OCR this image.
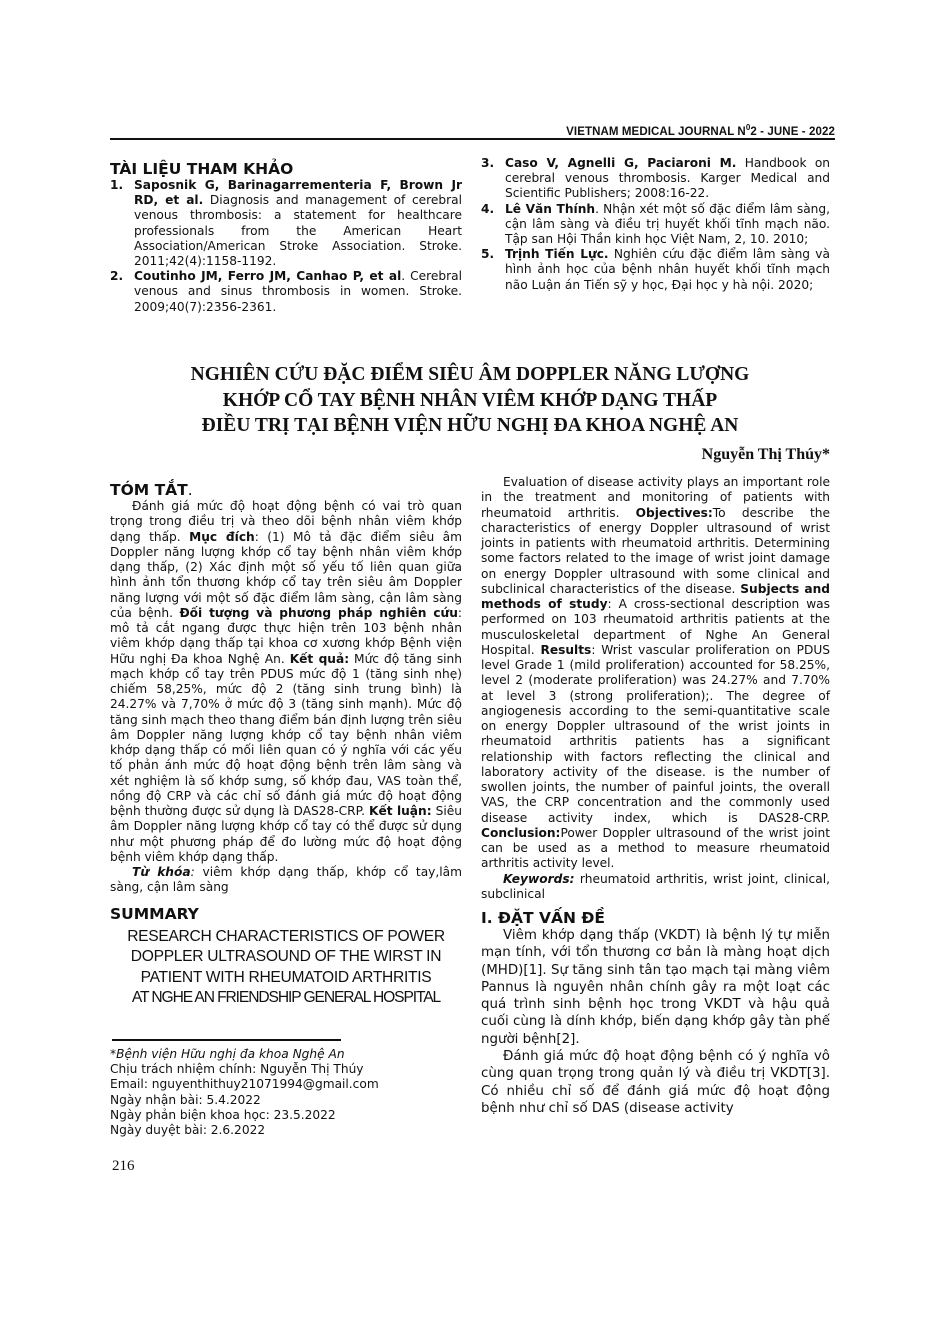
VIETNAM MEDICAL JOURNAL $N^02$ - JUNE - 2022
TÀI LIỆU THAM KHẢO
1. Saposnik G, Barinagarrementeria F, Brown Jr RD, et al. Diagnosis and management of cerebral venous thrombosis: a statement for healthcare professionals from the American Heart Association/American Stroke Association. Stroke. 2011;42(4):1158-1192.
2. Coutinho JM, Ferro JM, Canhao P, et al. Cerebral venous and sinus thrombosis in women. Stroke. 2009;40(7):2356-2361.
3. Caso V, Agnelli G, Paciaroni M. Handbook on cerebral venous thrombosis. Karger Medical and Scientific Publishers; 2008:16-22.
4. Lê Văn Thính. Nhận xét một số đặc điểm lâm sàng, cận lâm sàng và điều trị huyết khối tĩnh mạch não. Tập san Hội Thần kinh học Việt Nam, 2, 10. 2010;
5. Trịnh Tiến Lực. Nghiên cứu đặc điểm lâm sàng và hình ảnh học của bệnh nhân huyết khối tĩnh mạch não Luận án Tiến sỹ y học, Đại học y hà nội. 2020;
NGHIÊN CỨU ĐẶC ĐIỂM SIÊU ÂM DOPPLER NĂNG LƯỢNG
KHỚP CỔ TAY BỆNH NHÂN VIÊM KHỚP DẠNG THẤP
ĐIỀU TRỊ TẠI BỆNH VIỆN HỮU NGHỊ ĐA KHOA NGHỆ AN
Nguyễn Thị Thúy*
TÓM TẮT.

Đánh giá mức độ hoạt động bệnh có vai trò quan trọng trong điều trị và theo dõi bệnh nhân viêm khớp dạng thấp. Mục đích: (1) Mô tả đặc điểm siêu âm Doppler năng lượng khớp cổ tay bệnh nhân viêm khớp dạng thấp, (2) Xác định một số yếu tố liên quan giữa hình ảnh tổn thương khớp cổ tay trên siêu âm Doppler năng lượng với một số đặc điểm lâm sàng, cận lâm sàng của bệnh. Đối tượng và phương pháp nghiên cứu: mô tả cắt ngang được thực hiện trên 103 bệnh nhân viêm khớp dạng thấp tại khoa cơ xương khớp Bệnh viện Hữu nghị Đa khoa Nghệ An. Kết quả: Mức độ tăng sinh mạch khớp cổ tay trên PDUS mức độ 1 (tăng sinh nhẹ) chiếm 58,25%, mức độ 2 (tăng sinh trung bình) là 24.27% và 7,70% ở mức độ 3 (tăng sinh mạnh). Mức độ tăng sinh mạch theo thang điểm bán định lượng trên siêu âm Doppler năng lượng khớp cổ tay bệnh nhân viêm khớp dạng thấp có mối liên quan có ý nghĩa với các yếu tố phản ánh mức độ hoạt động bệnh trên lâm sàng và xét nghiệm là số khớp sưng, số khớp đau, VAS toàn thể, nồng độ CRP và các chỉ số đánh giá mức độ hoạt động bệnh thường được sử dụng là DAS28-CRP. Kết luận: Siêu âm Doppler năng lượng khớp cổ tay có thể được sử dụng như một phương pháp để đo lường mức độ hoạt động bệnh viêm khớp dạng thấp.

Từ khóa: viêm khớp dạng thấp, khớp cổ tay,lâm sàng, cận lâm sàng

SUMMARY
RESEARCH CHARACTERISTICS OF POWER
DOPPLER ULTRASOUND OF THE WIRST IN
PATIENT WITH RHEUMATOID ARTHRITIS
AT NGHE AN FRIENDSHIP GENERAL HOSPITAL
*Bệnh viện Hữu nghị đa khoa Nghệ An
Chịu trách nhiệm chính: Nguyễn Thị Thúy
Email: nguyenthithuy21071994@gmail.com
Ngày nhận bài: 5.4.2022
Ngày phản biện khoa học: 23.5.2022
Ngày duyệt bài: 2.6.2022
216

Evaluation of disease activity plays an important role in the treatment and monitoring of patients with rheumatoid arthritis. Objectives:To describe the characteristics of energy Doppler ultrasound of wrist joints in patients with rheumatoid arthritis. Determining some factors related to the image of wrist joint damage on energy Doppler ultrasound with some clinical and subclinical characteristics of the disease. Subjects and methods of study: A cross-sectional description was performed on 103 rheumatoid arthritis patients at the musculoskeletal department of Nghe An General Hospital. Results: Wrist vascular proliferation on PDUS level Grade 1 (mild proliferation) accounted for 58.25%, level 2 (moderate proliferation) was 24.27% and 7.70% at level 3 (strong proliferation);. The degree of angiogenesis according to the semi-quantitative scale on energy Doppler ultrasound of the wrist joints in rheumatoid arthritis patients has a significant relationship with factors reflecting the clinical and laboratory activity of the disease. is the number of swollen joints, the number of painful joints, the overall VAS, the CRP concentration and the commonly used disease activity index, which is DAS28-CRP. Conclusion:Power Doppler ultrasound of the wrist joint can be used as a method to measure rheumatoid arthritis activity level.

Keywords: rheumatoid arthritis, wrist joint, clinical, subclinical

I. ĐẶT VẤN ĐỀ

Viêm khớp dạng thấp (VKDT) là bệnh lý tự miễn mạn tính, với tổn thương cơ bản là màng hoạt dịch (MHD)[1]. Sự tăng sinh tân tạo mạch tại màng viêm Pannus là nguyên nhân chính gây ra một loạt các quá trình sinh bệnh học trong VKDT và hậu quả cuối cùng là dính khớp, biến dạng khớp gây tàn phế người bệnh[2].

Đánh giá mức độ hoạt động bệnh có ý nghĩa vô cùng quan trọng trong quản lý và điều trị VKDT[3]. Có nhiều chỉ số để đánh giá mức độ hoạt động bệnh như chỉ số DAS (disease activity
